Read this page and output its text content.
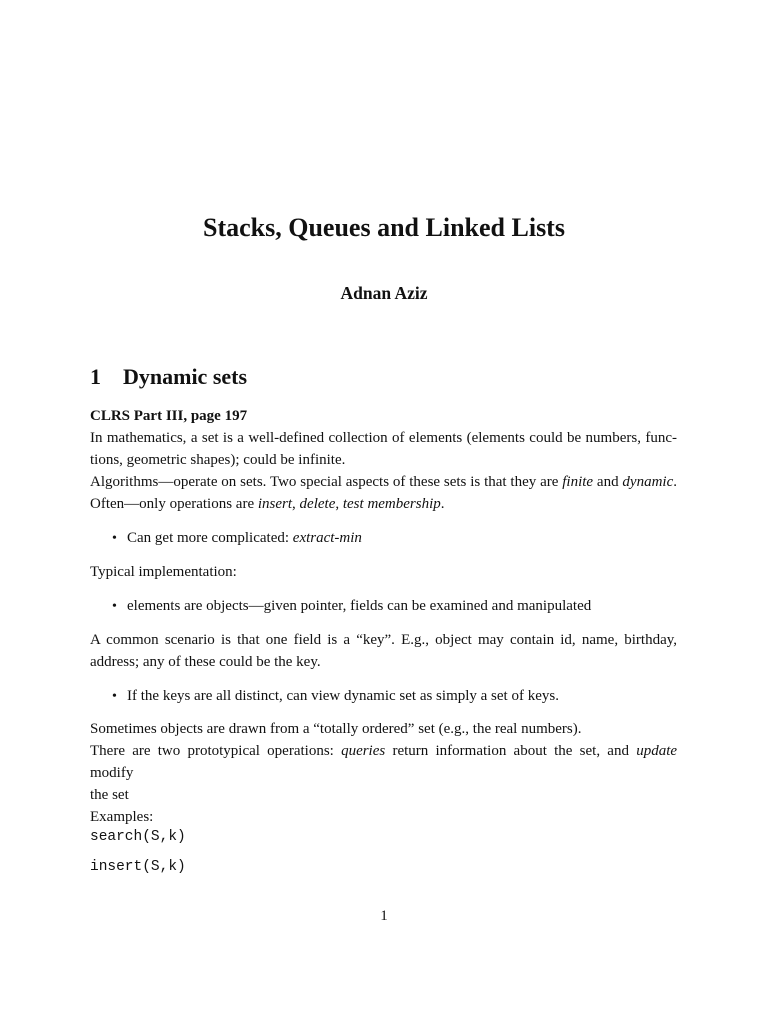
Stacks, Queues and Linked Lists
Adnan Aziz
1 Dynamic sets
CLRS Part III, page 197
In mathematics, a set is a well-defined collection of elements (elements could be numbers, func-
tions, geometric shapes); could be infinite.
Algorithms—operate on sets. Two special aspects of these sets is that they are finite and dynamic.
Often—only operations are insert, delete, test membership.
• Can get more complicated: extract-min
Typical implementation:
• elements are objects—given pointer, fields can be examined and manipulated
A common scenario is that one field is a “key”. E.g., object may contain id, name, birthday,
address; any of these could be the key.
• If the keys are all distinct, can view dynamic set as simply a set of keys.
Sometimes objects are drawn from a “totally ordered” set (e.g., the real numbers).
There are two prototypical operations: queries return information about the set, and update modify
the set
Examples:
search(S,k)
insert(S,k)
1
